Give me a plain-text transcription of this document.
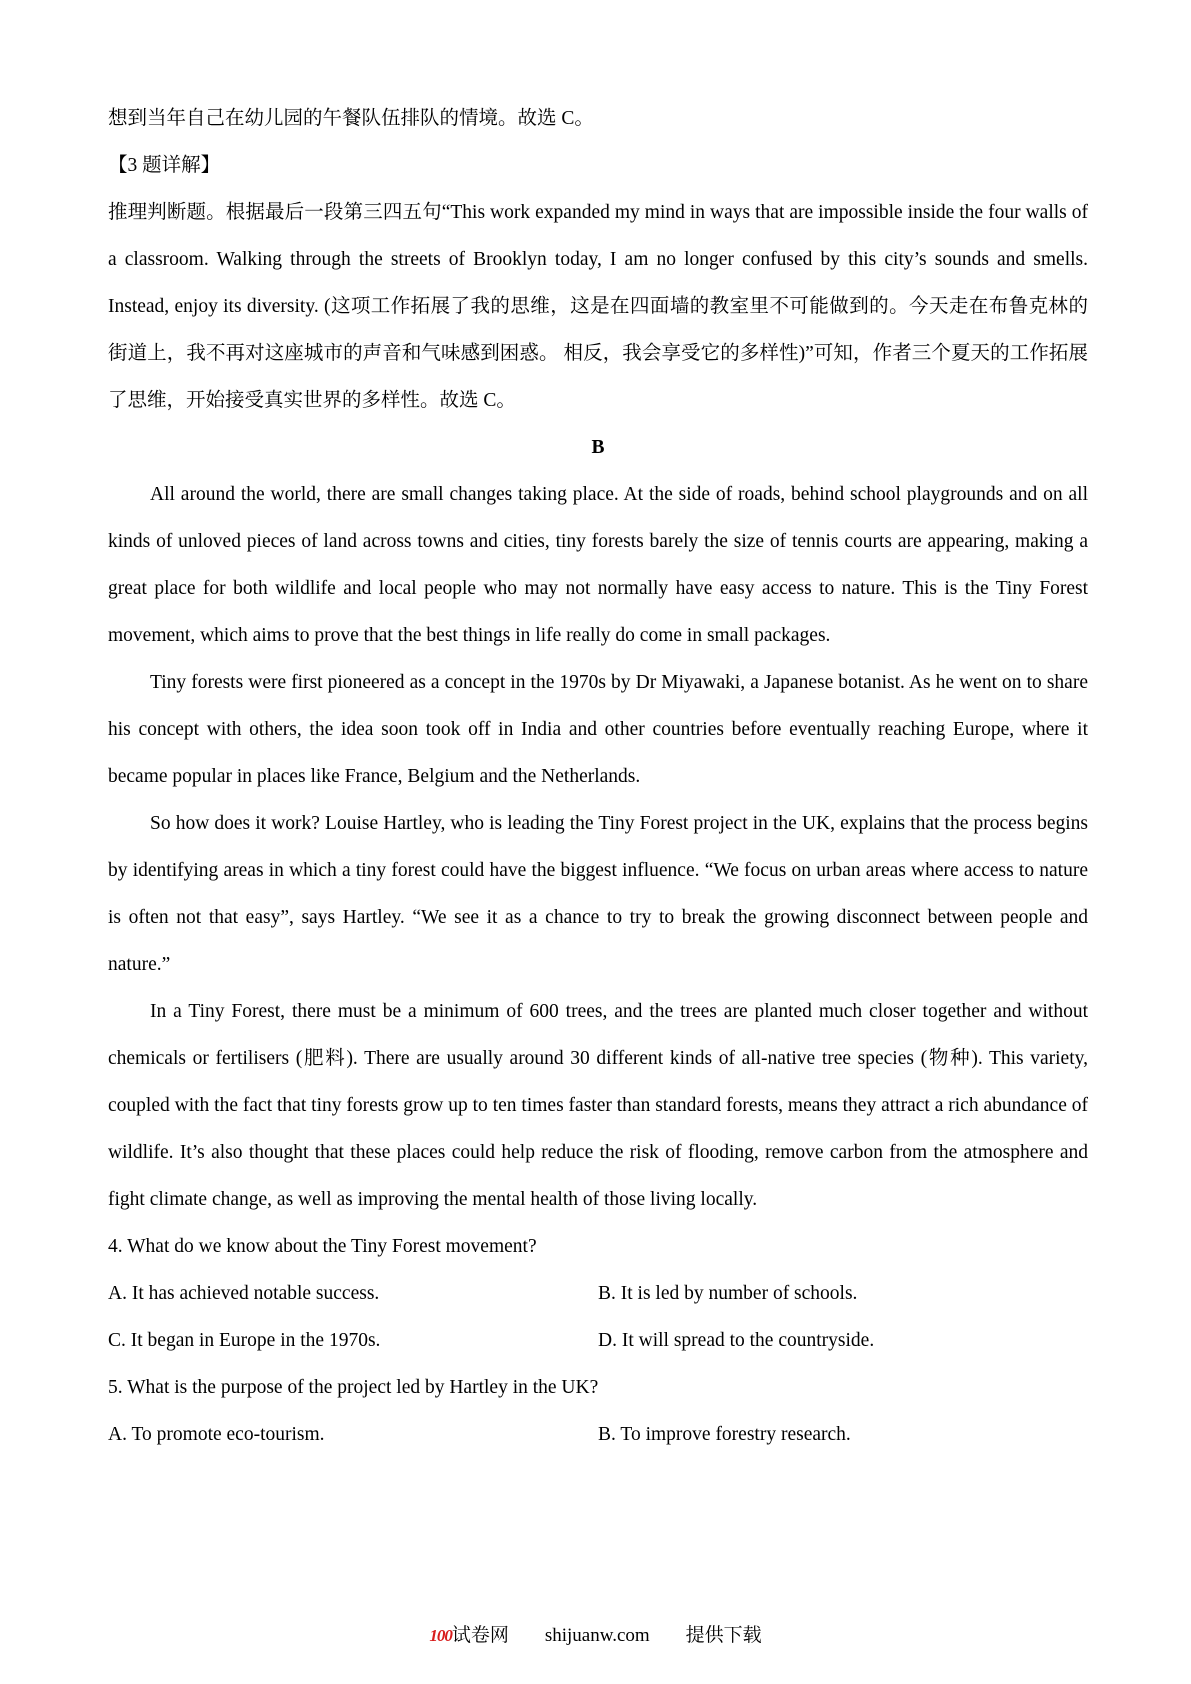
想到当年自己在幼儿园的午餐队伍排队的情境。故选 C。

【3 题详解】

推理判断题。根据最后一段第三四五句“This work expanded my mind in ways that are impossible inside the four walls of a classroom. Walking through the streets of Brooklyn today, I am no longer confused by this city’s sounds and smells. Instead, enjoy its diversity. (这项工作拓展了我的思维，这是在四面墙的教室里不可能做到的。今天走在布鲁克林的街道上，我不再对这座城市的声音和气味感到困惑。 相反，我会享受它的多样性)”可知，作者三个夏天的工作拓展了思维，开始接受真实世界的多样性。故选 C。

B

All around the world, there are small changes taking place. At the side of roads, behind school playgrounds and on all kinds of unloved pieces of land across towns and cities, tiny forests barely the size of tennis courts are appearing, making a great place for both wildlife and local people who may not normally have easy access to nature. This is the Tiny Forest movement, which aims to prove that the best things in life really do come in small packages.

Tiny forests were first pioneered as a concept in the 1970s by Dr Miyawaki, a Japanese botanist. As he went on to share his concept with others, the idea soon took off in India and other countries before eventually reaching Europe, where it became popular in places like France, Belgium and the Netherlands.

So how does it work? Louise Hartley, who is leading the Tiny Forest project in the UK, explains that the process begins by identifying areas in which a tiny forest could have the biggest influence. “We focus on urban areas where access to nature is often not that easy”, says Hartley. “We see it as a chance to try to break the growing disconnect between people and nature.”

In a Tiny Forest, there must be a minimum of 600 trees, and the trees are planted much closer together and without chemicals or fertilisers (肥料). There are usually around 30 different kinds of all-native tree species (物种). This variety, coupled with the fact that tiny forests grow up to ten times faster than standard forests, means they attract a rich abundance of wildlife. It’s also thought that these places could help reduce the risk of flooding, remove carbon from the atmosphere and fight climate change, as well as improving the mental health of those living locally.

4. What do we know about the Tiny Forest movement?

A. It has achieved notable success.	B. It is led by number of schools.
C. It began in Europe in the 1970s.	D. It will spread to the countryside.

5. What is the purpose of the project led by Hartley in the UK?

A. To promote eco-tourism.	B. To improve forestry research.
100试卷网 shijuanw.com 提供下载
